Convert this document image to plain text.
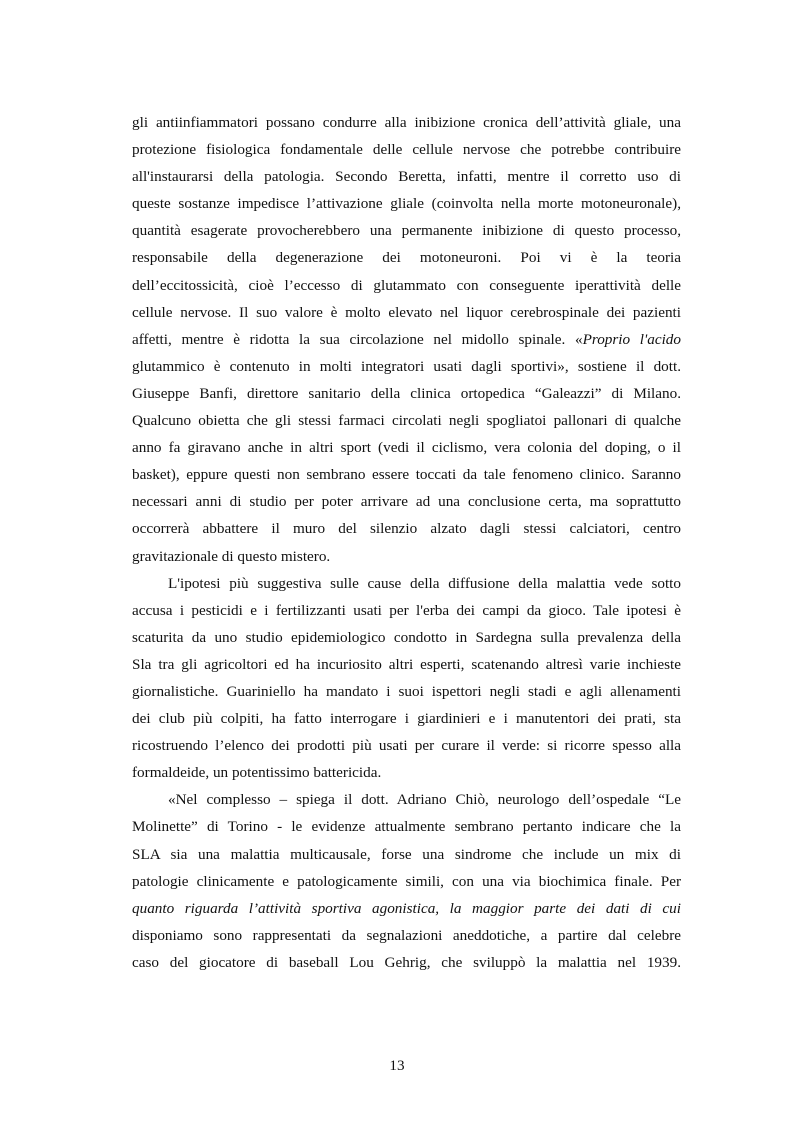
gli antiinfiammatori possano condurre alla inibizione cronica dell’attività gliale, una
protezione fisiologica fondamentale delle cellule nervose che potrebbe contribuire
all'instaurarsi della patologia. Secondo Beretta, infatti, mentre il corretto uso di
queste sostanze impedisce l’attivazione gliale (coinvolta nella morte motoneuronale),
quantità esagerate provocherebbero una permanente inibizione di questo processo,
responsabile della degenerazione dei motoneuroni. Poi vi è la teoria
dell’eccitossicità, cioè l’eccesso di glutammato con conseguente iperattività delle
cellule nervose. Il suo valore è molto elevato nel liquor cerebrospinale dei pazienti
affetti, mentre è ridotta la sua circolazione nel midollo spinale. «Proprio l'acido
glutammico è contenuto in molti integratori usati dagli sportivi», sostiene il dott.
Giuseppe Banfi, direttore sanitario della clinica ortopedica “Galeazzi” di Milano.
Qualcuno obietta che gli stessi farmaci circolati negli spogliatoi pallonari di qualche
anno fa giravano anche in altri sport (vedi il ciclismo, vera colonia del doping, o il
basket), eppure questi non sembrano essere toccati da tale fenomeno clinico. Saranno
necessari anni di studio per poter arrivare ad una conclusione certa, ma soprattutto
occorrerà abbattere il muro del silenzio alzato dagli stessi calciatori, centro
gravitazionale di questo mistero.
L'ipotesi più suggestiva sulle cause della diffusione della malattia vede sotto
accusa i pesticidi e i fertilizzanti usati per l'erba dei campi da gioco. Tale ipotesi è
scaturita da uno studio epidemiologico condotto in Sardegna sulla prevalenza della
Sla tra gli agricoltori ed ha incuriosito altri esperti, scatenando altresì varie inchieste
giornalistiche. Guariniello ha mandato i suoi ispettori negli stadi e agli allenamenti
dei club più colpiti, ha fatto interrogare i giardinieri e i manutentori dei prati, sta
ricostruendo l’elenco dei prodotti più usati per curare il verde: si ricorre spesso alla
formaldeide, un potentissimo battericida.
«Nel complesso – spiega il dott. Adriano Chiò, neurologo dell’ospedale “Le
Molinette” di Torino - le evidenze attualmente sembrano pertanto indicare che la
SLA sia una malattia multicausale, forse una sindrome che include un mix di
patologie clinicamente e patologicamente simili, con una via biochimica finale. Per
quanto riguarda l’attività sportiva agonistica, la maggior parte dei dati di cui
disponiamo sono rappresentati da segnalazioni aneddotiche, a partire dal celebre
caso del giocatore di baseball Lou Gehrig, che sviluppò la malattia nel 1939.
13
